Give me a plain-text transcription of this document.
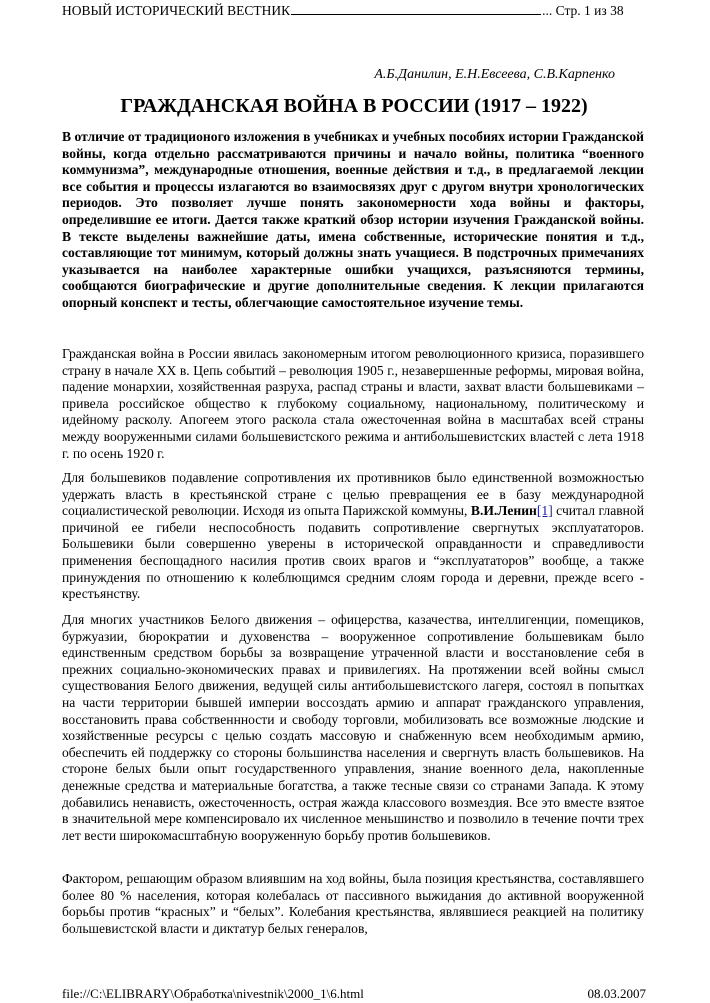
НОВЫЙ ИСТОРИЧЕСКИЙ ВЕСТНИК	... Стр. 1 из 38
А.Б.Данилин, Е.Н.Евсеева, С.В.Карпенко
ГРАЖДАНСКАЯ ВОЙНА В РОССИИ (1917 – 1922)
В отличие от традиционого изложения в учебниках и учебных пособиях истории Гражданской войны, когда отдельно рассматриваются причины и начало войны, политика “военного коммунизма”, международные отношения, военные действия и т.д., в предлагаемой лекции все события и процессы излагаются во взаимосвязях друг с другом внутри хронологических периодов. Это позволяет лучше понять закономерности хода войны и факторы, определившие ее итоги. Дается также краткий обзор истории изучения Гражданской войны. В тексте выделены важнейшие даты, имена собственные, исторические понятия и т.д., составляющие тот минимум, который должны знать учащиеся. В подстрочных примечаниях указывается на наиболее характерные ошибки учащихся, разъясняются термины, сообщаются биографические и другие дополнительные сведения. К лекции прилагаются опорный конспект и тесты, облегчающие самостоятельное изучение темы.
Гражданская война в России явилась закономерным итогом революционного кризиса, поразившего страну в начале XX в. Цепь событий – революция 1905 г., незавершенные реформы, мировая война, падение монархии, хозяйственная разруха, распад страны и власти, захват власти большевиками – привела российское общество к глубокому социальному, национальному, политическому и идейному расколу. Апогеем этого раскола стала ожесточенная война в масштабах всей страны между вооруженными силами большевистского режима и антибольшевистских властей с лета 1918 г. по осень 1920 г.
Для большевиков подавление сопротивления их противников было единственной возможностью удержать власть в крестьянской стране с целью превращения ее в базу международной социалистической революции. Исходя из опыта Парижской коммуны, В.И.Ленин[1] считал главной причиной ее гибели неспособность подавить сопротивление свергнутых эксплуататоров. Большевики были совершенно уверены в исторической оправданности и справедливости применения беспощадного насилия против своих врагов и “эксплуататоров” вообще, а также принуждения по отношению к колеблющимся средним слоям города и деревни, прежде всего - крестьянству.
Для многих участников Белого движения – офицерства, казачества, интеллигенции, помещиков, буржуазии, бюрократии и духовенства – вооруженное сопротивление большевикам было единственным средством борьбы за возвращение утраченной власти и восстановление себя в прежних социально-экономических правах и привилегиях. На протяжении всей войны смысл существования Белого движения, ведущей силы антибольшевистского лагеря, состоял в попытках на части территории бывшей империи воссоздать армию и аппарат гражданского управления, восстановить права собственнности и свободу торговли, мобилизовать все возможные людские и хозяйственные ресурсы с целью создать массовую и снабженную всем необходимым армию, обеспечить ей поддержку со стороны большинства населения и свергнуть власть большевиков. На стороне белых были опыт государственного управления, знание военного дела, накопленные денежные средства и материальные богатства, а также тесные связи со странами Запада. К этому добавились ненависть, ожесточенность, острая жажда классового возмездия. Все это вместе взятое в значительной мере компенсировало их численное меньшинство и позволило в течение почти трех лет вести широкомасштабную вооруженную борьбу против большевиков.
Фактором, решающим образом влиявшим на ход войны, была позиция крестьянства, составлявшего более 80 % населения, которая колебалась от пассивного выжидания до активной вооруженной борьбы против “красных” и “белых”. Колебания крестьянства, являвшиеся реакцией на политику большевистской власти и диктатур белых генералов,
file://C:\ELIBRARY\Обработка\nivestnik\2000_1\6.html	08.03.2007
